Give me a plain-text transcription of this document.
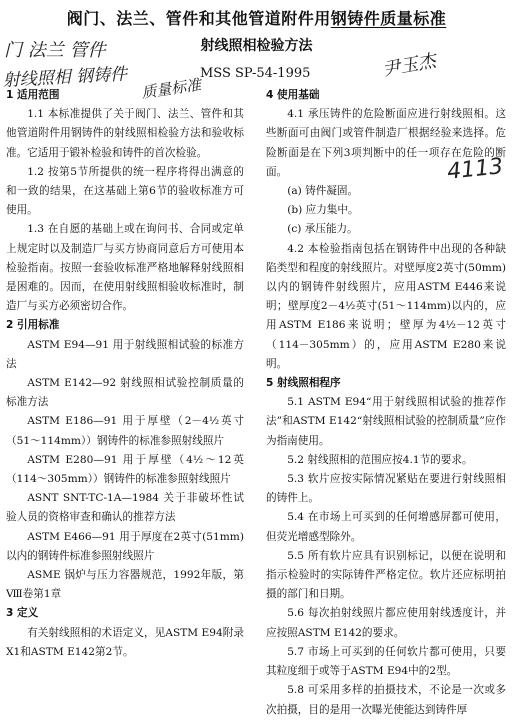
阀门、法兰、管件和其他管道附件用钢铸件质量标准
射线照相检验方法
MSS SP-54-1995
门 法兰 管件
射线照相 钢铸件 质量标准
尹玉杰
4113

1 适用范围

1.1 本标准提供了关于阀门、法兰、管件和其他管道附件用钢铸件的射线照相检验方法和验收标准。它适用于锻补检验和铸件的首次检验。

1.2 按第5节所提供的统一程序将得出满意的和一致的结果，在这基础上第6节的验收标准方可使用。

1.3 在自愿的基础上或在询问书、合同或定单上规定时以及制造厂与买方协商同意后方可使用本检验指南。按照一套验收标准严格地解释射线照相是困难的。因而，在使用射线照相验收标准时，制造厂与买方必须密切合作。

2 引用标准

ASTM E94—91 用于射线照相试验的标准方法

ASTM E142—92 射线照相试验控制质量的标准方法

ASTM E186—91 用于厚壁（2－4½英寸（51～114mm））钢铸件的标准参照射线照片

ASTM E280—91 用于厚壁（4½～12英（114～305mm））钢铸件的标准参照射线照片

ASNT SNT-TC-1A—1984 关于非破坏性试验人员的资格审查和确认的推荐方法

ASTM E466—91 用于厚度在2英寸(51mm)以内的钢铸件标准参照射线照片

ASME 锅炉与压力容器规范，1992年版，第Ⅷ卷第1章

3 定义

有关射线照相的术语定义，见ASTM E94附录X1和ASTM E142第2节。

4 使用基础

4.1 承压铸件的危险断面应进行射线照相。这些断面可由阀门或管件制造厂根据经验来选择。危险断面是在下列3项判断中的任一项存在危险的断面。

(a) 铸件凝固。

(b) 应力集中。

(c) 承压能力。

4.2 本检验指南包括在钢铸件中出现的各种缺陷类型和程度的射线照片。对壁厚度2英寸(50mm)以内的钢铸件射线照片，应用ASTM E446来说明；壁厚度2－4½英寸(51～114mm)以内的，应用ASTM E186来说明；壁厚为4½－12英寸（114－305mm）的，应用ASTM E280来说明。

5 射线照相程序

5.1 ASTM E94“用于射线照相试验的推荐作法”和ASTM E142“射线照相试验的控制质量”应作为指南使用。

5.2 射线照相的范围应按4.1节的要求。

5.3 软片应按实际情况紧贴在要进行射线照相的铸件上。

5.4 在市场上可买到的任何增感屏都可使用，但荧光增感型除外。

5.5 所有软片应具有识别标记，以便在说明和指示检验时的实际铸件严格定位。软片还应标明拍摄的部门和日期。

5.6 每次拍射线照片都应使用射线透度计，并应按照ASTM E142的要求。

5.7 市场上可买到的任何软片都可使用，只要其粒度细于或等于ASTM E94中的2型。

5.8 可采用多样的拍摄技术，不论是一次或多次拍摄，目的是用一次曝光使能达到铸件厚
